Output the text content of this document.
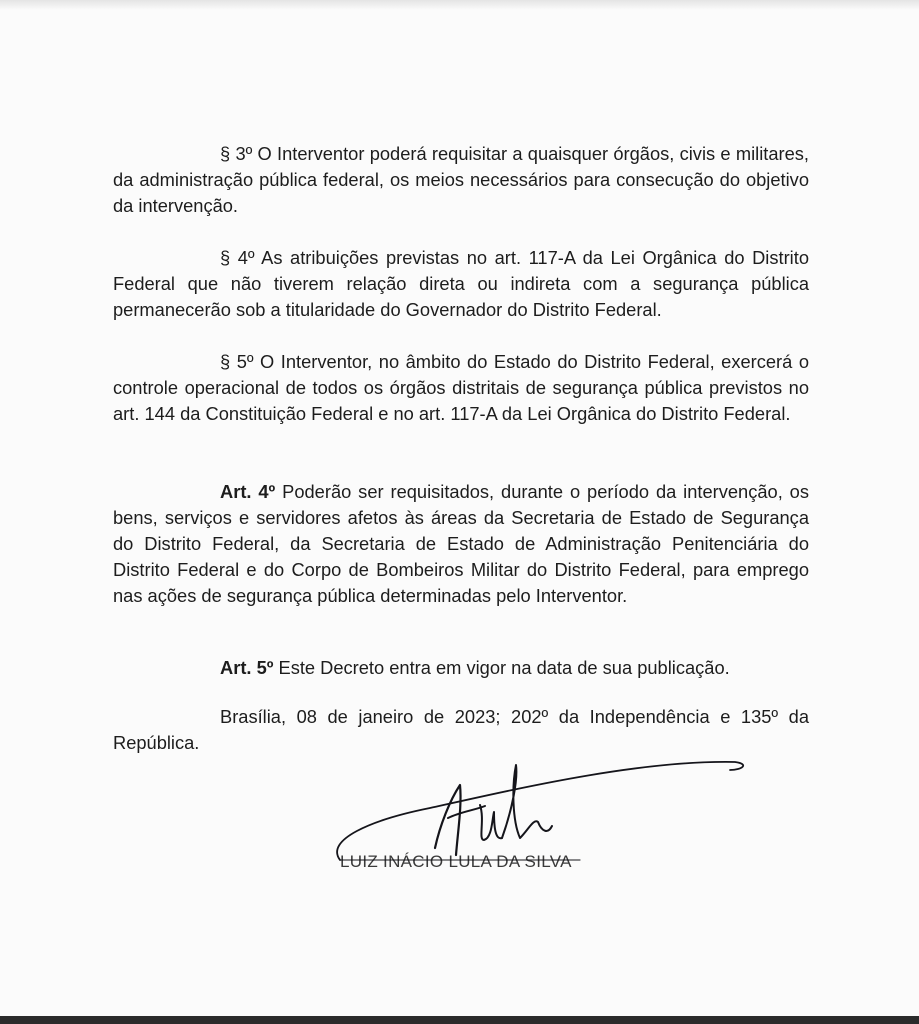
§ 3º O Interventor poderá requisitar a quaisquer órgãos, civis e militares, da administração pública federal, os meios necessários para consecução do objetivo da intervenção.

§ 4º As atribuições previstas no art. 117-A da Lei Orgânica do Distrito Federal que não tiverem relação direta ou indireta com a segurança pública permanecerão sob a titularidade do Governador do Distrito Federal.

§ 5º O Interventor, no âmbito do Estado do Distrito Federal, exercerá o controle operacional de todos os órgãos distritais de segurança pública previstos no art. 144 da Constituição Federal e no art. 117-A da Lei Orgânica do Distrito Federal.

Art. 4º Poderão ser requisitados, durante o período da intervenção, os bens, serviços e servidores afetos às áreas da Secretaria de Estado de Segurança do Distrito Federal, da Secretaria de Estado de Administração Penitenciária do Distrito Federal e do Corpo de Bombeiros Militar do Distrito Federal, para emprego nas ações de segurança pública determinadas pelo Interventor.

Art. 5º Este Decreto entra em vigor na data de sua publicação.

Brasília, 08 de janeiro de 2023; 202º da Independência e 135º da República.

LUIZ INÁCIO LULA DA SILVA
